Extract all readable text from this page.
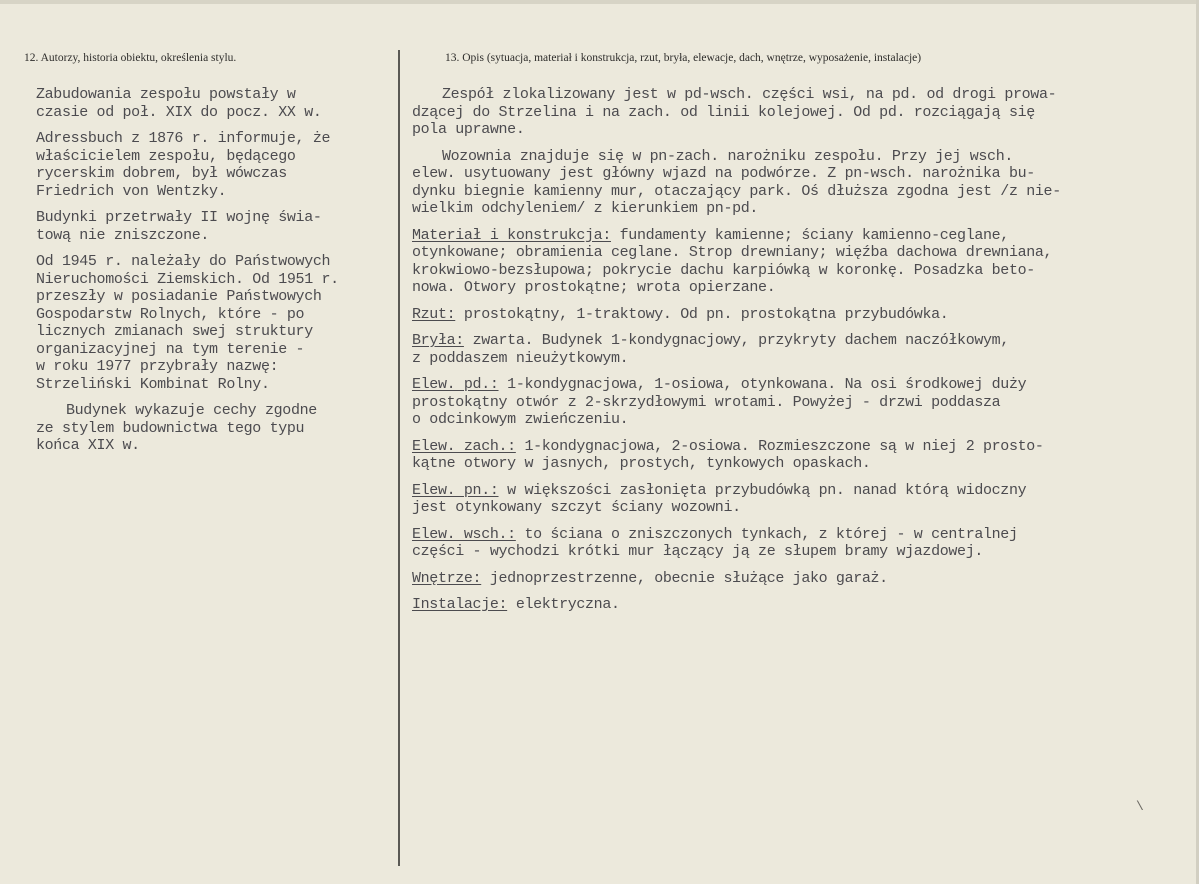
12. Autorzy, historia obiektu, określenia stylu.	13. Opis (sytuacja, materiał i konstrukcja, rzut, bryła, elewacje, dach, wnętrze, wyposażenie, instalacje)
Zabudowania zespołu powstały w
czasie od poł. XIX do pocz. XX w.
Adressbuch z 1876 r. informuje, że
właścicielem zespołu, będącego
rycerskim dobrem, był wówczas
Friedrich von Wentzky.
Budynki przetrwały II wojnę świa-
tową nie zniszczone.
Od 1945 r. należały do Państwowych
Nieruchomości Ziemskich. Od 1951 r.
przeszły w posiadanie Państwowych
Gospodarstw Rolnych, które - po
licznych zmianach swej struktury
organizacyjnej na tym terenie -
w roku 1977 przybrały nazwę:
Strzeliński Kombinat Rolny.
Budynek wykazuje cechy zgodne
ze stylem budownictwa tego typu
końca XIX w.
Zespół zlokalizowany jest w pd-wsch. części wsi, na pd. od drogi prowa-
dzącej do Strzelina i na zach. od linii kolejowej. Od pd. rozciągają się
pola uprawne.
Wozownia znajduje się w pn-zach. narożniku zespołu. Przy jej wsch.
elew. usytuowany jest główny wjazd na podwórze. Z pn-wsch. narożnika bu-
dynku biegnie kamienny mur, otaczający park. Oś dłuższa zgodna jest /z nie-
wielkim odchyleniem/ z kierunkiem pn-pd.
Materiał i konstrukcja: fundamenty kamienne; ściany kamienno-ceglane,
otynkowane; obramienia ceglane. Strop drewniany; więźba dachowa drewniana,
krokwiowo-bezsłupowa; pokrycie dachu karpiówką w koronkę. Posadzka beto-
nowa. Otwory prostokątne; wrota opierzane.
Rzut: prostokątny, 1-traktowy. Od pn. prostokątna przybudówka.
Bryła: zwarta. Budynek 1-kondygnacjowy, przykryty dachem naczółkowym,
z poddaszem nieużytkowym.
Elew. pd.: 1-kondygnacjowa, 1-osiowa, otynkowana. Na osi środkowej duży
prostokątny otwór z 2-skrzydłowymi wrotami. Powyżej - drzwi poddasza
o odcinkowym zwieńczeniu.
Elew. zach.: 1-kondygnacjowa, 2-osiowa. Rozmieszczone są w niej 2 prosto-
kątne otwory w jasnych, prostych, tynkowych opaskach.
Elew. pn.: w większości zasłonięta przybudówką pn. nanad którą widoczny
jest otynkowany szczyt ściany wozowni.
Elew. wsch.: to ściana o zniszczonych tynkach, z której - w centralnej
części - wychodzi krótki mur łączący ją ze słupem bramy wjazdowej.
Wnętrze: jednoprzestrzenne, obecnie służące jako garaż.
Instalacje: elektryczna.
\
